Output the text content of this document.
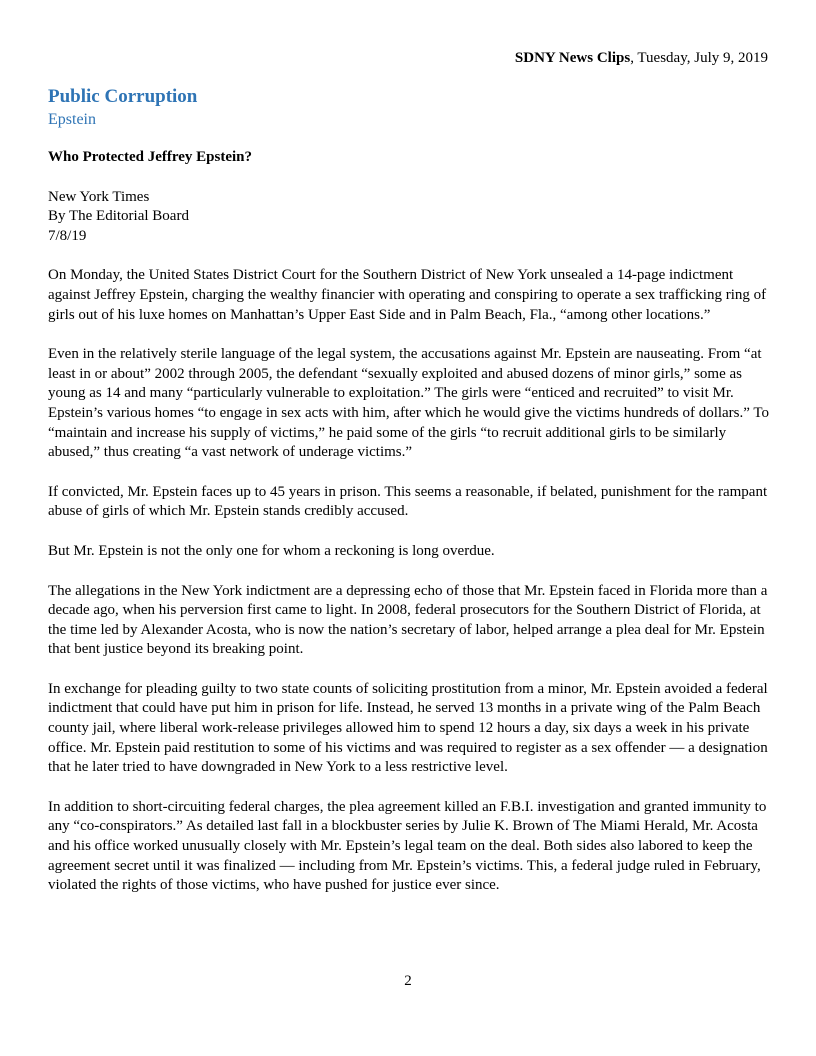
SDNY News Clips, Tuesday, July 9, 2019
Public Corruption
Epstein

Who Protected Jeffrey Epstein?

New York Times
By The Editorial Board
7/8/19

On Monday, the United States District Court for the Southern District of New York unsealed a 14-page indictment against Jeffrey Epstein, charging the wealthy financier with operating and conspiring to operate a sex trafficking ring of girls out of his luxe homes on Manhattan’s Upper East Side and in Palm Beach, Fla., “among other locations.”

Even in the relatively sterile language of the legal system, the accusations against Mr. Epstein are nauseating. From “at least in or about” 2002 through 2005, the defendant “sexually exploited and abused dozens of minor girls,” some as young as 14 and many “particularly vulnerable to exploitation.” The girls were “enticed and recruited” to visit Mr. Epstein’s various homes “to engage in sex acts with him, after which he would give the victims hundreds of dollars.” To “maintain and increase his supply of victims,” he paid some of the girls “to recruit additional girls to be similarly abused,” thus creating “a vast network of underage victims.”

If convicted, Mr. Epstein faces up to 45 years in prison. This seems a reasonable, if belated, punishment for the rampant abuse of girls of which Mr. Epstein stands credibly accused.

But Mr. Epstein is not the only one for whom a reckoning is long overdue.

The allegations in the New York indictment are a depressing echo of those that Mr. Epstein faced in Florida more than a decade ago, when his perversion first came to light. In 2008, federal prosecutors for the Southern District of Florida, at the time led by Alexander Acosta, who is now the nation’s secretary of labor, helped arrange a plea deal for Mr. Epstein that bent justice beyond its breaking point.

In exchange for pleading guilty to two state counts of soliciting prostitution from a minor, Mr. Epstein avoided a federal indictment that could have put him in prison for life. Instead, he served 13 months in a private wing of the Palm Beach county jail, where liberal work-release privileges allowed him to spend 12 hours a day, six days a week in his private office. Mr. Epstein paid restitution to some of his victims and was required to register as a sex offender — a designation that he later tried to have downgraded in New York to a less restrictive level.

In addition to short-circuiting federal charges, the plea agreement killed an F.B.I. investigation and granted immunity to any “co-conspirators.” As detailed last fall in a blockbuster series by Julie K. Brown of The Miami Herald, Mr. Acosta and his office worked unusually closely with Mr. Epstein’s legal team on the deal. Both sides also labored to keep the agreement secret until it was finalized — including from Mr. Epstein’s victims. This, a federal judge ruled in February, violated the rights of those victims, who have pushed for justice ever since.

2
